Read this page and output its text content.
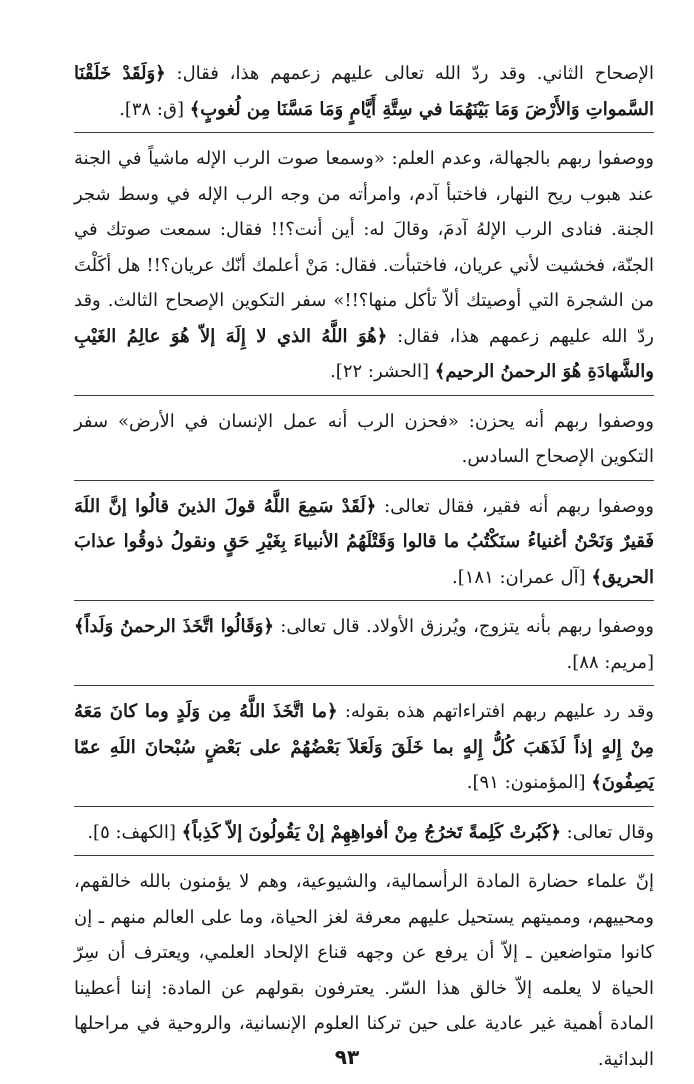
الإصحاح الثاني. وقد ردّ الله تعالى عليهم زعمهم هذا، فقال: ﴿وَلَقَدْ خَلَقْنَا السَّمواتِ وَالأَرْضَ وَمَا بَيْنَهُمَا في سِتَّةِ أَيَّامٍ وَمَا مَسَّنَا مِن لُغوبٍ﴾ [ق: ٣٨].

ووصفوا ربهم بالجهالة، وعدم العلم: «وسمعا صوت الرب الإله ماشياً في الجنة عند هبوب ريح النهار، فاختبأ آدم، وامرأته من وجه الرب الإله في وسط شجر الجنة. فنادى الرب الإلهُ آدمَ، وقالَ له: أين أنت؟!! فقال: سمعت صوتك في الجنّة، فخشيت لأني عريان، فاختبأت. فقال: مَنْ أعلمك أنّك عريان؟!! هل أكَلْتَ من الشجرة التي أوصيتك ألاّ تأكل منها؟!!» سفر التكوين الإصحاح الثالث. وقد ردّ الله عليهم زعمهم هذا، فقال: ﴿هُوَ اللَّهُ الذي لا إِلَهَ إلاّ هُوَ عالِمُ الغَيْبِ والشَّهادَةِ هُوَ الرحمنُ الرحيم﴾ [الحشر: ٢٢].

ووصفوا ربهم أنه يحزن: «فحزن الرب أنه عمل الإنسان في الأرض» سفر التكوين الإصحاح السادس.

ووصفوا ربهم أنه فقير، فقال تعالى: ﴿لَقَدْ سَمِعَ اللَّهُ قولَ الذينَ قالُوا إنَّ اللَهَ فَقيرٌ وَنَحْنُ أغنياءُ سنَكْتُبُ ما قالوا وَقَتْلَهُمُ الأنبياءَ بِغَيْرِ حَقٍ ونقولُ ذوقُوا عذابَ الحريق﴾ [آل عمران: ١٨١].

ووصفوا ربهم بأنه يتزوج، ويُرزق الأولاد. قال تعالى: ﴿وَقَالُوا اتَّخَذَ الرحمنُ وَلَداً﴾ [مريم: ٨٨].

وقد رد عليهم ربهم افتراءاتهم هذه بقوله: ﴿ما اتَّخَذَ اللَّهُ مِن وَلَدٍ وما كانَ مَعَهُ مِنْ إِلهٍ إذاً لَذَهَبَ كُلُّ إِلهٍ بما خَلَقَ وَلَعَلاَ بَعْضُهُمْ على بَعْضٍ سُبْحانَ اللَهِ عمّا يَصِفُونَ﴾ [المؤمنون: ٩١].

وقال تعالى: ﴿كَبُرتْ كَلِمةً تَخرُجُ مِنْ أفواهِهِمْ إنْ يَقُولُونَ إلاّ كَذِباً﴾ [الكهف: ٥].

إنّ علماء حضارة المادة الرأسمالية، والشيوعية، وهم لا يؤمنون بالله خالقهم، ومحييهم، ومميتهم يستحيل عليهم معرفة لغز الحياة، وما على العالم منهم ـ إن كانوا متواضعين ـ إلاّ أن يرفع عن وجهه قناع الإلحاد العلمي، ويعترف أن سِرّ الحياة لا يعلمه إلاّ خالق هذا السّر. يعترفون بقولهم عن المادة: إننا أعطينا المادة أهمية غير عادية على حين تركنا العلوم الإنسانية، والروحية في مراحلها البدائية.

٩٣
